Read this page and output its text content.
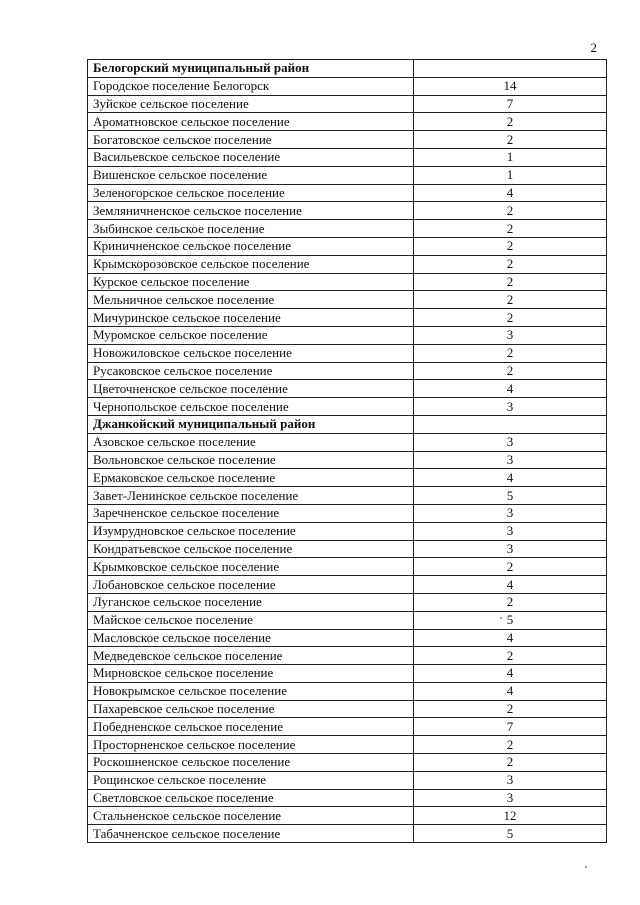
2
Белогорский муниципальный район	
Городское поселение Белогорск	14
Зуйское сельское поселение	7
Ароматновское сельское поселение	2
Богатовское сельское поселение	2
Васильевское сельское поселение	1
Вишенское сельское поселение	1
Зеленогорское сельское поселение	4
Земляничненское сельское поселение	2
Зыбинское сельское поселение	2
Криничненское сельское поселение	2
Крымскорозовское сельское поселение	2
Курское сельское поселение	2
Мельничное сельское поселение	2
Мичуринское сельское поселение	2
Муромское сельское поселение	3
Новожиловское сельское поселение	2
Русаковское сельское поселение	2
Цветочненское сельское поселение	4
Чернопольское сельское поселение	3
Джанкойский муниципальный район	
Азовское сельское поселение	3
Вольновское сельское поселение	3
Ермаковское сельское поселение	4
Завет-Ленинское сельское поселение	5
Заречненское сельское поселение	3
Изумрудновское сельское поселение	3
Кондратьевское сельское поселение	3
Крымковское сельское поселение	2
Лобановское сельское поселение	4
Луганское сельское поселение	2
Майское сельское поселение	5
Масловское сельское поселение	4
Медведевское сельское поселение	2
Мирновское сельское поселение	4
Новокрымское сельское поселение	4
Пахаревское сельское поселение	2
Победненское сельское поселение	7
Просторненское сельское поселение	2
Роскошненское сельское поселение	2
Рощинское сельское поселение	3
Светловское сельское поселение	3
Стальненское сельское поселение	12
Табачненское сельское поселение	5
